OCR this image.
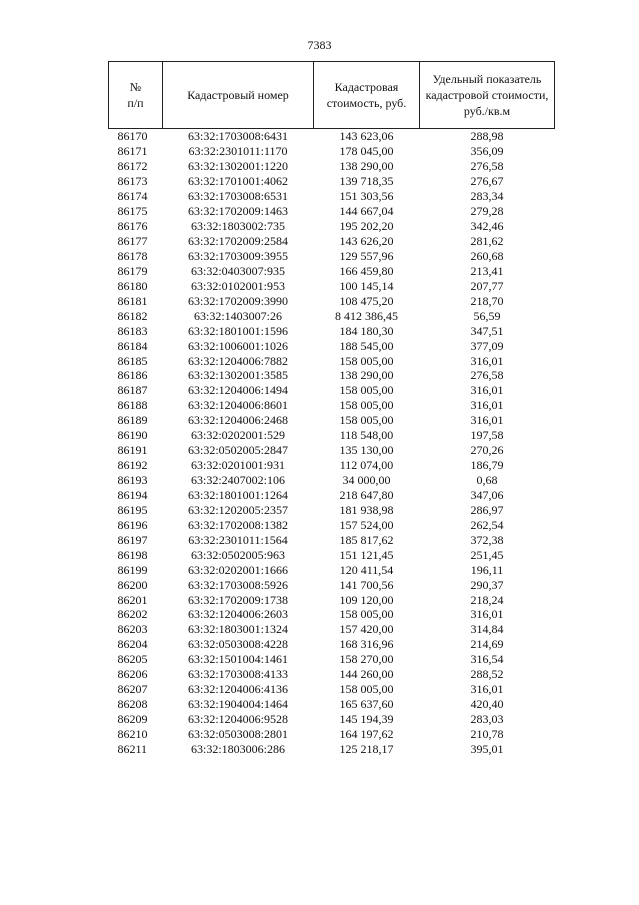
7383
№
п/п	Кадастровый номер	Кадастровая стоимость, руб.	Удельный показатель кадастровой стоимости, руб./кв.м
86170	63:32:1703008:6431	143 623,06	288,98
86171	63:32:2301011:1170	178 045,00	356,09
86172	63:32:1302001:1220	138 290,00	276,58
86173	63:32:1701001:4062	139 718,35	276,67
86174	63:32:1703008:6531	151 303,56	283,34
86175	63:32:1702009:1463	144 667,04	279,28
86176	63:32:1803002:735	195 202,20	342,46
86177	63:32:1702009:2584	143 626,20	281,62
86178	63:32:1703009:3955	129 557,96	260,68
86179	63:32:0403007:935	166 459,80	213,41
86180	63:32:0102001:953	100 145,14	207,77
86181	63:32:1702009:3990	108 475,20	218,70
86182	63:32:1403007:26	8 412 386,45	56,59
86183	63:32:1801001:1596	184 180,30	347,51
86184	63:32:1006001:1026	188 545,00	377,09
86185	63:32:1204006:7882	158 005,00	316,01
86186	63:32:1302001:3585	138 290,00	276,58
86187	63:32:1204006:1494	158 005,00	316,01
86188	63:32:1204006:8601	158 005,00	316,01
86189	63:32:1204006:2468	158 005,00	316,01
86190	63:32:0202001:529	118 548,00	197,58
86191	63:32:0502005:2847	135 130,00	270,26
86192	63:32:0201001:931	112 074,00	186,79
86193	63:32:2407002:106	34 000,00	0,68
86194	63:32:1801001:1264	218 647,80	347,06
86195	63:32:1202005:2357	181 938,98	286,97
86196	63:32:1702008:1382	157 524,00	262,54
86197	63:32:2301011:1564	185 817,62	372,38
86198	63:32:0502005:963	151 121,45	251,45
86199	63:32:0202001:1666	120 411,54	196,11
86200	63:32:1703008:5926	141 700,56	290,37
86201	63:32:1702009:1738	109 120,00	218,24
86202	63:32:1204006:2603	158 005,00	316,01
86203	63:32:1803001:1324	157 420,00	314,84
86204	63:32:0503008:4228	168 316,96	214,69
86205	63:32:1501004:1461	158 270,00	316,54
86206	63:32:1703008:4133	144 260,00	288,52
86207	63:32:1204006:4136	158 005,00	316,01
86208	63:32:1904004:1464	165 637,60	420,40
86209	63:32:1204006:9528	145 194,39	283,03
86210	63:32:0503008:2801	164 197,62	210,78
86211	63:32:1803006:286	125 218,17	395,01
